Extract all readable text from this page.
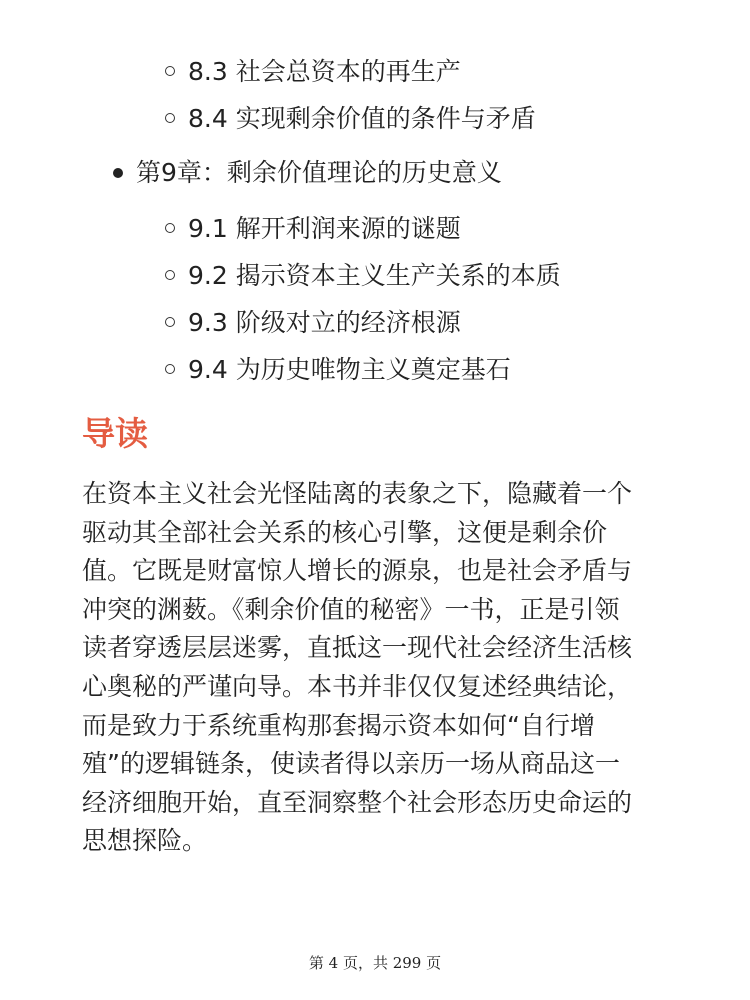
8.3 社会总资本的再生产
8.4 实现剩余价值的条件与矛盾
第9章：剩余价值理论的历史意义
9.1 解开利润来源的谜题
9.2 揭示资本主义生产关系的本质
9.3 阶级对立的经济根源
9.4 为历史唯物主义奠定基石
导读

在资本主义社会光怪陆离的表象之下，隐藏着一个
驱动其全部社会关系的核心引擎，这便是剩余价
值。它既是财富惊人增长的源泉，也是社会矛盾与
冲突的渊薮。《剩余价值的秘密》一书，正是引领
读者穿透层层迷雾，直抵这一现代社会经济生活核
心奥秘的严谨向导。本书并非仅仅复述经典结论，
而是致力于系统重构那套揭示资本如何“自行增
殖”的逻辑链条，使读者得以亲历一场从商品这一
经济细胞开始，直至洞察整个社会形态历史命运的
思想探险。

第 4 页，共 299 页
